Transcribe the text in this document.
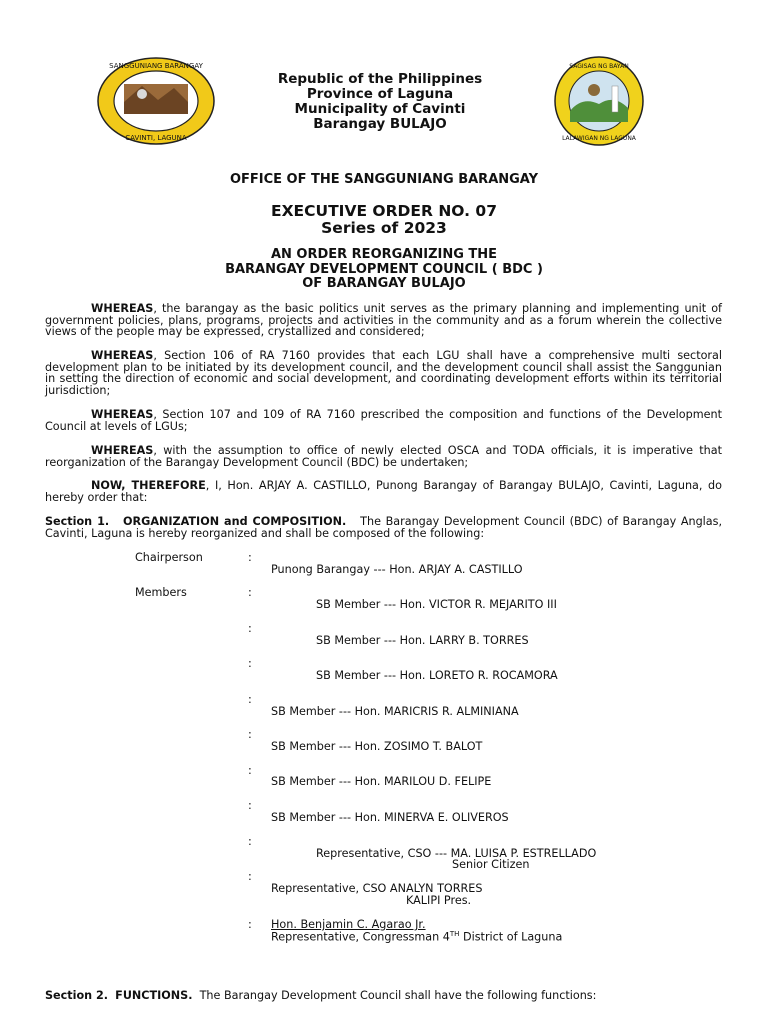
SANGGUNIANG BARANGAY
CAVINTI, LAGUNA
SAGISAG NG BAYAN
LALAWIGAN NG LAGUNA
Republic of the Philippines
Province of Laguna
Municipality of Cavinti
Barangay BULAJO
OFFICE OF THE SANGGUNIANG BARANGAY
EXECUTIVE ORDER NO. 07
Series of 2023
AN ORDER REORGANIZING THE
BARANGAY DEVELOPMENT COUNCIL ( BDC )
OF BARANGAY BULAJO
WHEREAS, the barangay as the basic politics unit serves as the primary planning and implementing unit of government policies, plans, programs, projects and activities in the community and as a forum wherein the collective views of the people may be expressed, crystallized and considered;
WHEREAS, Section 106 of RA 7160 provides that each LGU shall have a comprehensive multi sectoral development plan to be initiated by its development council, and the development council shall assist the Sanggunian in setting the direction of economic and social development, and coordinating development efforts within its territorial jurisdiction;
WHEREAS, Section 107 and 109 of RA 7160 prescribed the composition and functions of the Development Council at levels of LGUs;
WHEREAS, with the assumption to office of newly elected OSCA and TODA officials, it is imperative that reorganization of the Barangay Development Council (BDC) be undertaken;
NOW, THEREFORE, I, Hon. ARJAY A. CASTILLO, Punong Barangay of Barangay BULAJO, Cavinti, Laguna, do hereby order that:
Section 1. ORGANIZATION and COMPOSITION. The Barangay Development Council (BDC) of Barangay Anglas, Cavinti, Laguna is hereby reorganized and shall be composed of the following:
Chairperson	:
Punong Barangay --- Hon. ARJAY A. CASTILLO
Members	:
SB Member --- Hon. VICTOR R. MEJARITO III
:
SB Member --- Hon. LARRY B. TORRES
:
SB Member --- Hon. LORETO R. ROCAMORA
:
SB Member --- Hon. MARICRIS R. ALMINIANA
:
SB Member --- Hon. ZOSIMO T. BALOT
:
SB Member --- Hon. MARILOU D. FELIPE
:
SB Member --- Hon. MINERVA E. OLIVEROS
:
Representative, CSO --- MA. LUISA P. ESTRELLADO
Senior Citizen
:
Representative, CSO ANALYN TORRES
KALIPI Pres.
: Hon. Benjamin C. Agarao Jr.
Representative, Congressman 4TH District of Laguna
Section 2. FUNCTIONS. The Barangay Development Council shall have the following functions:
